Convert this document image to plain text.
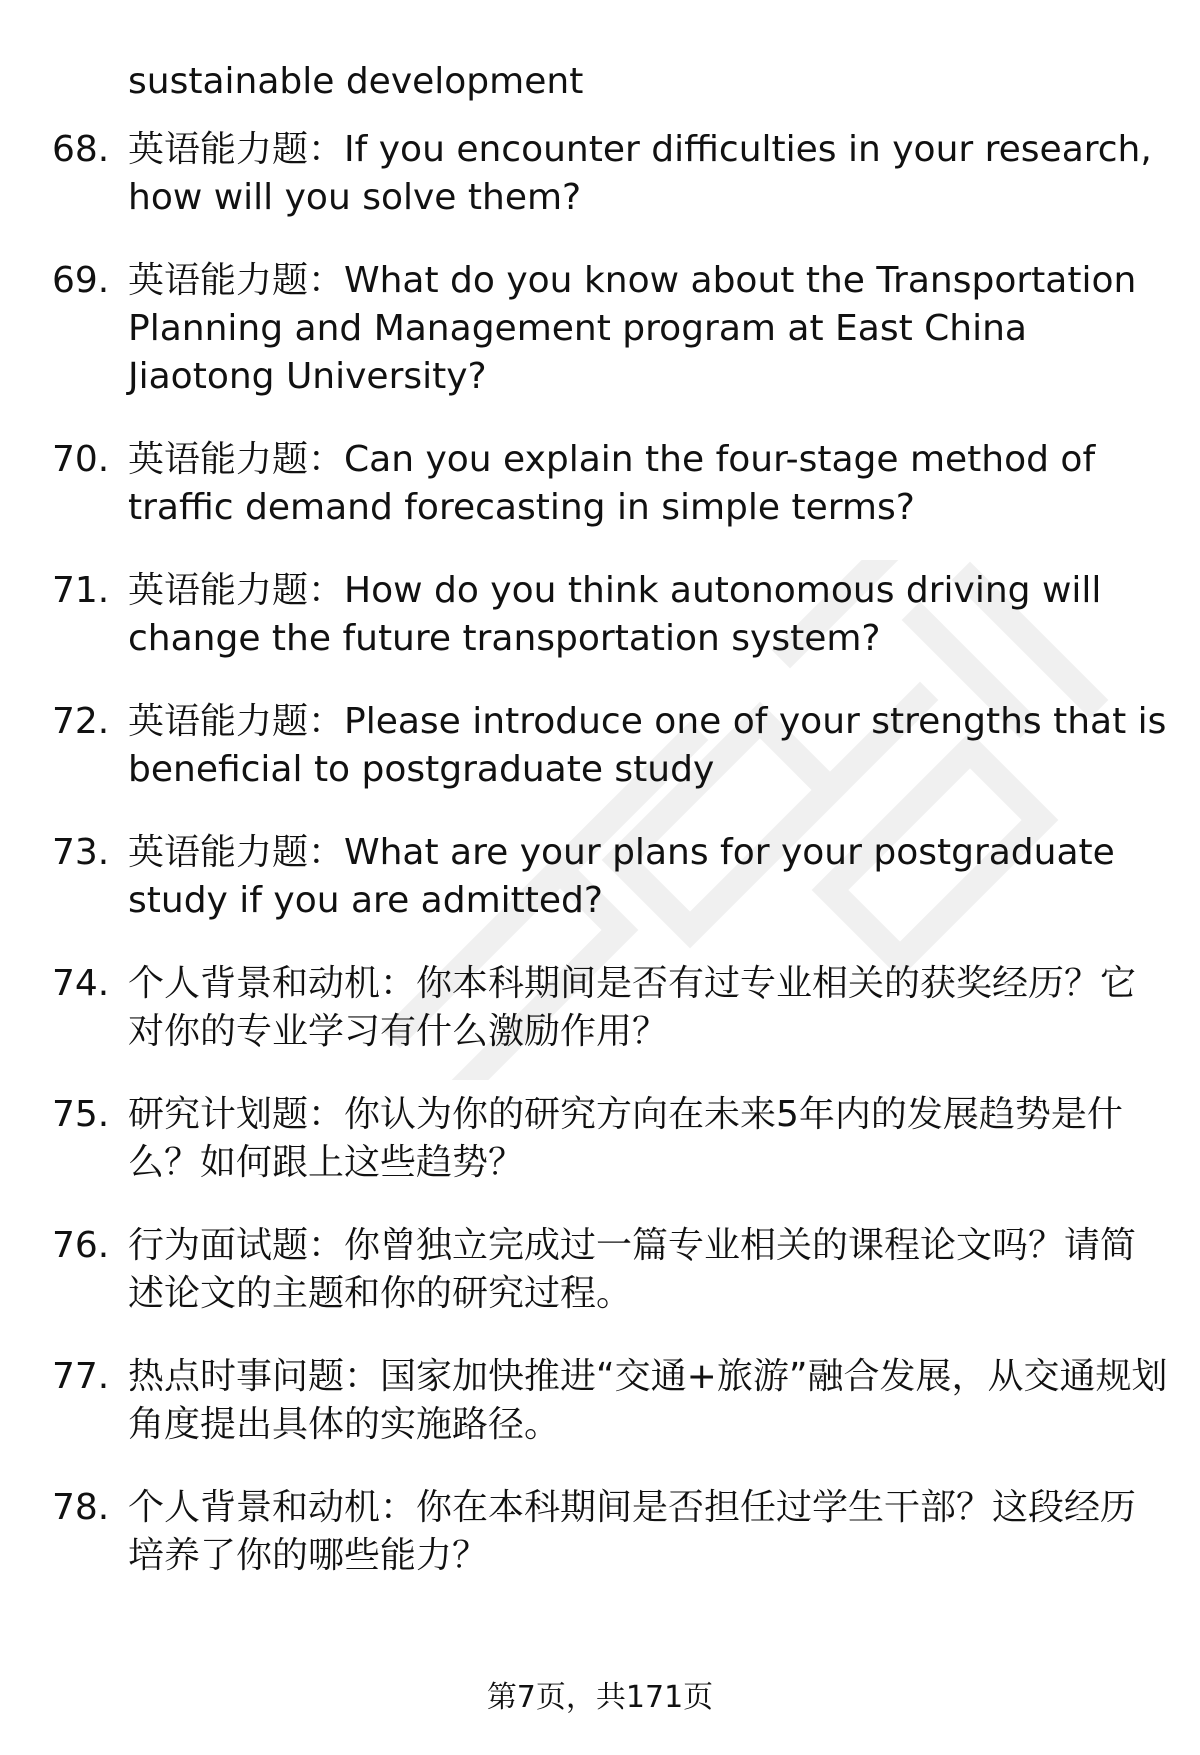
sustainable development
68. 英语能力题：If you encounter difficulties in your research, how will you solve them?
69. 英语能力题：What do you know about the Transportation Planning and Management program at East China Jiaotong University?
70. 英语能力题：Can you explain the four-stage method of traffic demand forecasting in simple terms?
71. 英语能力题：How do you think autonomous driving will change the future transportation system?
72. 英语能力题：Please introduce one of your strengths that is beneficial to postgraduate study
73. 英语能力题：What are your plans for your postgraduate study if you are admitted?
74. 个人背景和动机：你本科期间是否有过专业相关的获奖经历？它对你的专业学习有什么激励作用？
75. 研究计划题：你认为你的研究方向在未来5年内的发展趋势是什么？如何跟上这些趋势？
76. 行为面试题：你曾独立完成过一篇专业相关的课程论文吗？请简述论文的主题和你的研究过程。
77. 热点时事问题：国家加快推进“交通+旅游”融合发展，从交通规划角度提出具体的实施路径。
78. 个人背景和动机：你在本科期间是否担任过学生干部？这段经历培养了你的哪些能力？
第7页，共171页
